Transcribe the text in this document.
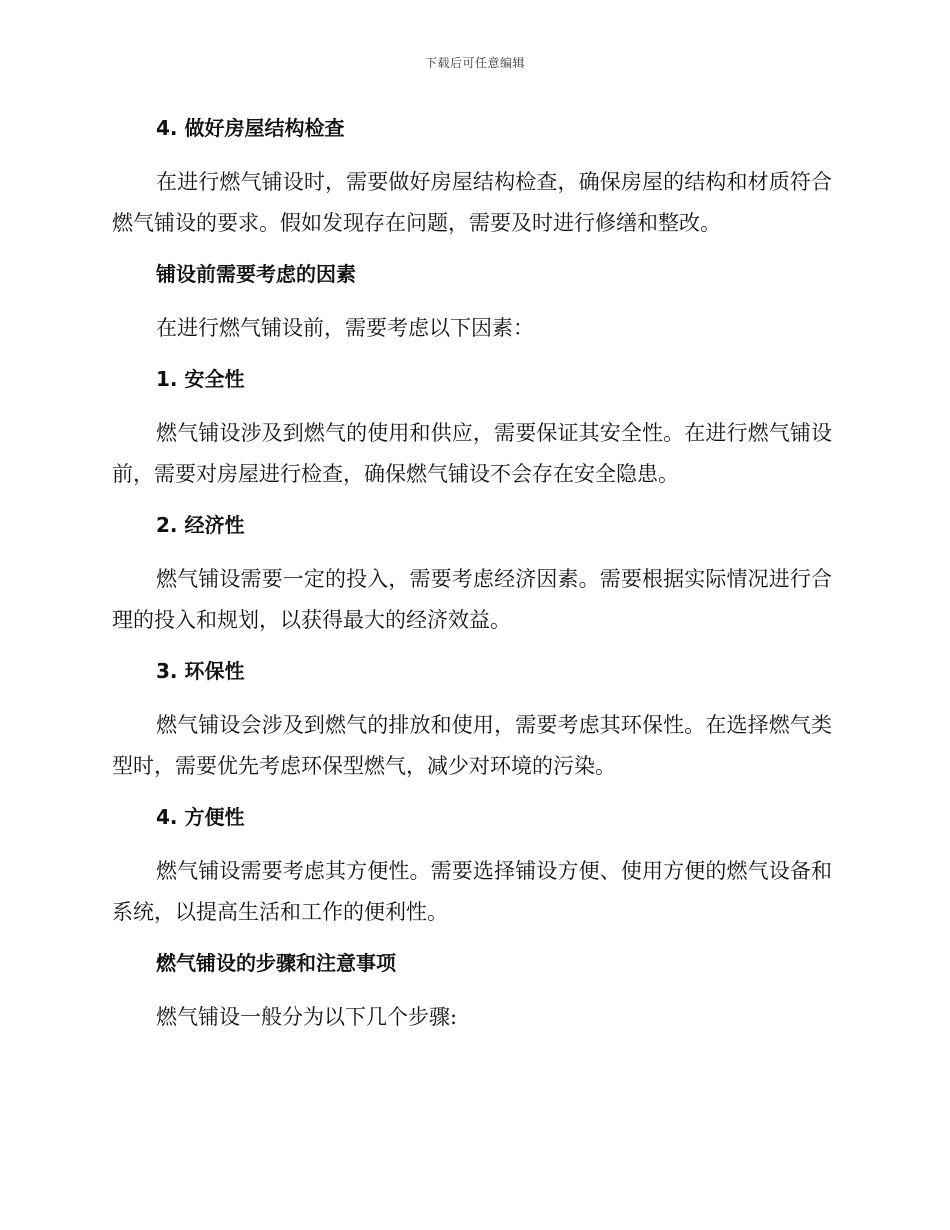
下载后可任意编辑
4. 做好房屋结构检查
在进行燃气铺设时，需要做好房屋结构检查，确保房屋的结构和材质符合燃气铺设的要求。假如发现存在问题，需要及时进行修缮和整改。
铺设前需要考虑的因素
在进行燃气铺设前，需要考虑以下因素：
1. 安全性
燃气铺设涉及到燃气的使用和供应，需要保证其安全性。在进行燃气铺设前，需要对房屋进行检查，确保燃气铺设不会存在安全隐患。
2. 经济性
燃气铺设需要一定的投入，需要考虑经济因素。需要根据实际情况进行合理的投入和规划，以获得最大的经济效益。
3. 环保性
燃气铺设会涉及到燃气的排放和使用，需要考虑其环保性。在选择燃气类型时，需要优先考虑环保型燃气，减少对环境的污染。
4. 方便性
燃气铺设需要考虑其方便性。需要选择铺设方便、使用方便的燃气设备和系统，以提高生活和工作的便利性。
燃气铺设的步骤和注意事项
燃气铺设一般分为以下几个步骤:
